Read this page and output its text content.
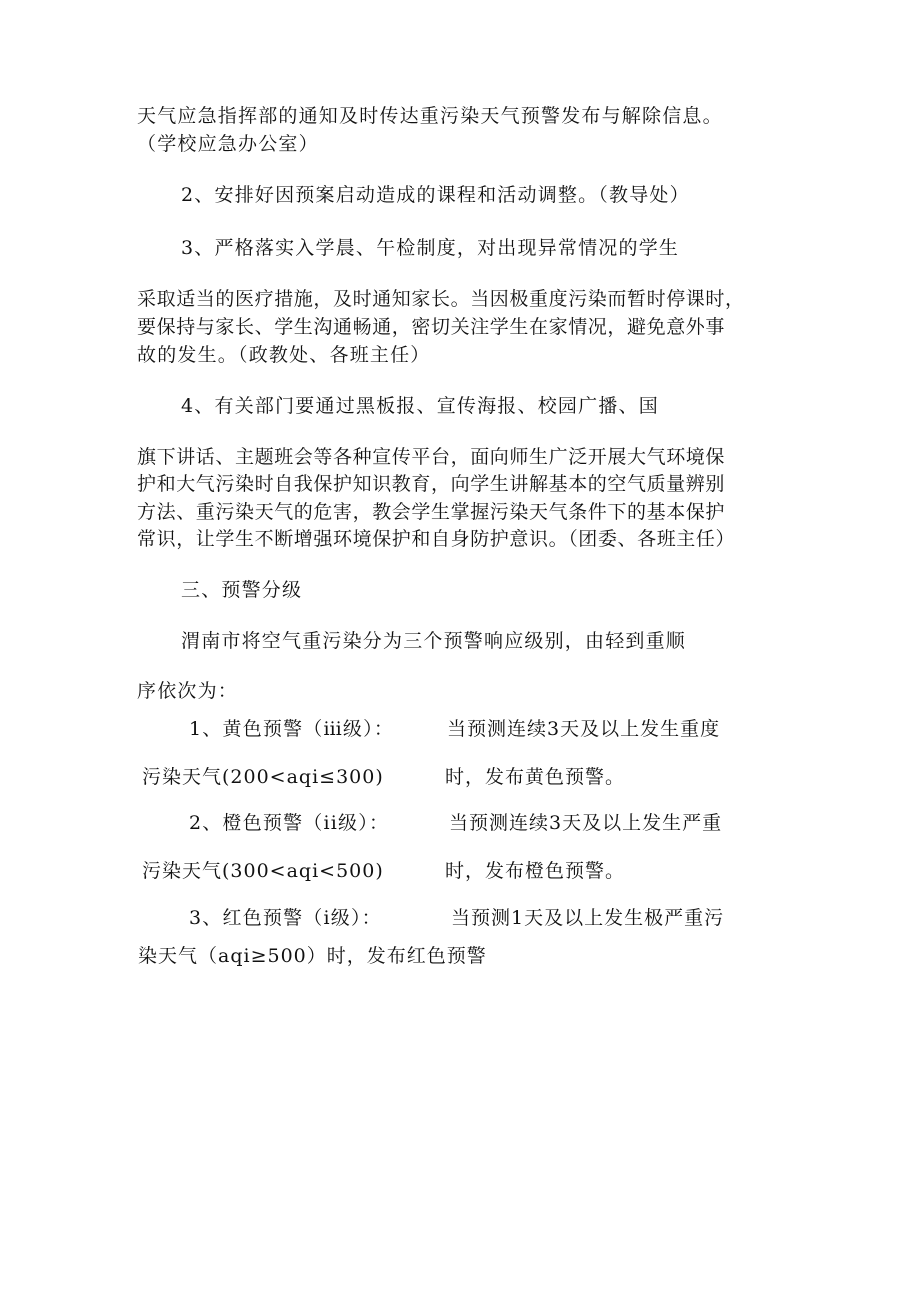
天气应急指挥部的通知及时传达重污染天气预警发布与解除信息。
（学校应急办公室）
2、安排好因预案启动造成的课程和活动调整。（教导处）
3、严格落实入学晨、午检制度，对出现异常情况的学生
采取适当的医疗措施，及时通知家长。当因极重度污染而暂时停课时，
要保持与家长、学生沟通畅通，密切关注学生在家情况，避免意外事
故的发生。（政教处、各班主任）
4、有关部门要通过黑板报、宣传海报、校园广播、国
旗下讲话、主题班会等各种宣传平台，面向师生广泛开展大气环境保
护和大气污染时自我保护知识教育，向学生讲解基本的空气质量辨别
方法、重污染天气的危害，教会学生掌握污染天气条件下的基本保护
常识，让学生不断增强环境保护和自身防护意识。（团委、各班主任）
三、预警分级
渭南市将空气重污染分为三个预警响应级别，由轻到重顺
序依次为：
1、黄色预警（ⅲ级）：	当预测连续3天及以上发生重度
污染天气(200<aqi≤300)	时，发布黄色预警。
2、橙色预警（ii级）：	当预测连续3天及以上发生严重
污染天气(300<aqi<500)	时，发布橙色预警。
3、红色预警（i级）：	当预测1天及以上发生极严重污
染天气（aqi≥500）时，发布红色预警
